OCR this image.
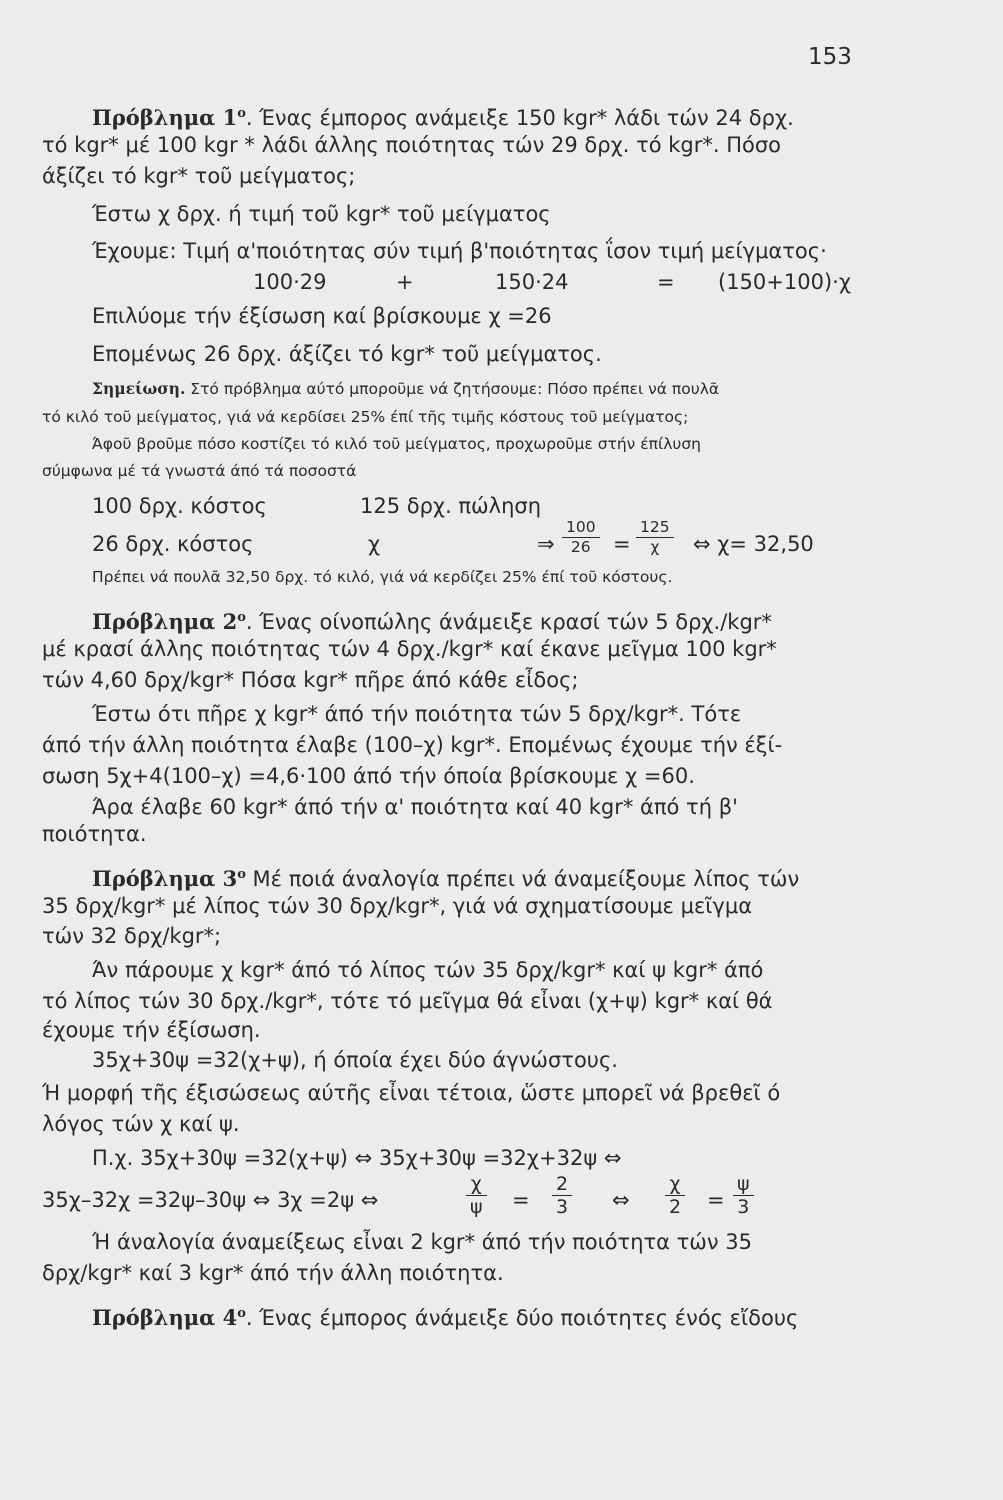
153
Πρόβλημα $1^o$. Ένας έμπορος ανάμειξε 150 kgr* λάδι τών 24 δρχ.
τό kgr* μέ 100 kgr * λάδι άλλης ποιότητας τών 29 δρχ. τό kgr*. Πόσο
άξίζει τό kgr* τοῦ μείγματος;
Έστω χ δρχ. ή τιμή τοῦ kgr* τοῦ μείγματος
Έχουμε: Τιμή α'ποιότητας σύν τιμή β'ποιότητας ΐσον τιμή μείγματος·
100·29	+	150·24	= (150+100)·χ
Επιλύομε τήν έξίσωση καί βρίσκουμε χ =26
Επομένως 26 δρχ. άξίζει τό kgr* τοῦ μείγματος.
Σημείωση. Στό πρόβλημα αύτό μποροῦμε νά ζητήσουμε: Πόσο πρέπει νά πουλᾶ
τό κιλό τοῦ μείγματος, γιά νά κερδίσει 25% έπί τῆς τιμῆς κόστους τοῦ μείγματος;
Άφοῦ βροῦμε πόσο κοστίζει τό κιλό τοῦ μείγματος, προχωροῦμε στήν έπίλυση
σύμφωνα μέ τά γνωστά άπό τά ποσοστά
100 δρχ. κόστος	125 δρχ. πώληση
26 δρχ. κόστος	χ	⇒ $\frac{100}{26} = \frac{125}{\chi}$ ⇔ χ= 32,50
Πρέπει νά πουλᾶ 32,50 δρχ. τό κιλό, γιά νά κερδίζει 25% έπί τοῦ κόστους.
Πρόβλημα $2^o$. Ένας οίνοπώλης άνάμειξε κρασί τών 5 δρχ./kgr*
μέ κρασί άλλης ποιότητας τών 4 δρχ./kgr* καί έκανε μεῖγμα 100 kgr*
τών 4,60 δρχ/kgr* Πόσα kgr* πῆρε άπό κάθε εἶδος;
Έστω ότι πῆρε χ kgr* άπό τήν ποιότητα τών 5 δρχ/kgr*. Τότε
άπό τήν άλλη ποιότητα έλαβε (100–χ) kgr*. Επομένως έχουμε τήν έξί-
σωση 5χ+4(100–χ) =4,6·100 άπό τήν όποία βρίσκουμε χ =60.
Άρα έλαβε 60 kgr* άπό τήν α' ποιότητα καί 40 kgr* άπό τή β'
ποιότητα.
Πρόβλημα $3^o$ Μέ ποιά άναλογία πρέπει νά άναμείξουμε λίπος τών
35 δρχ/kgr* μέ λίπος τών 30 δρχ/kgr*, γιά νά σχηματίσουμε μεῖγμα
τών 32 δρχ/kgr*;
Άν πάρουμε χ kgr* άπό τό λίπος τών 35 δρχ/kgr* καί ψ kgr* άπό
τό λίπος τών 30 δρχ./kgr*, τότε τό μεῖγμα θά εἶναι (χ+ψ) kgr* καί θά
έχουμε τήν έξίσωση.
35χ+30ψ =32(χ+ψ), ή όποία έχει δύο άγνώστους.
Ή μορφή τῆς έξισώσεως αύτῆς εἶναι τέτοια, ὥστε μπορεῖ νά βρεθεῖ ό
λόγος τών χ καί ψ.
Π.χ. 35χ+30ψ =32(χ+ψ) ⇔ 35χ+30ψ =32χ+32ψ ⇔
35χ–32χ =32ψ–30ψ ⇔ 3χ =2ψ ⇔	$\frac{\chi}{\psi} = \frac{2}{3}$ ⇔ $\frac{\chi}{2} = \frac{\psi}{3}$
Ή άναλογία άναμείξεως εἶναι 2 kgr* άπό τήν ποιότητα τών 35
δρχ/kgr* καί 3 kgr* άπό τήν άλλη ποιότητα.
Πρόβλημα $4^o$. Ένας έμπορος άνάμειξε δύο ποιότητες ένός εἴδους
